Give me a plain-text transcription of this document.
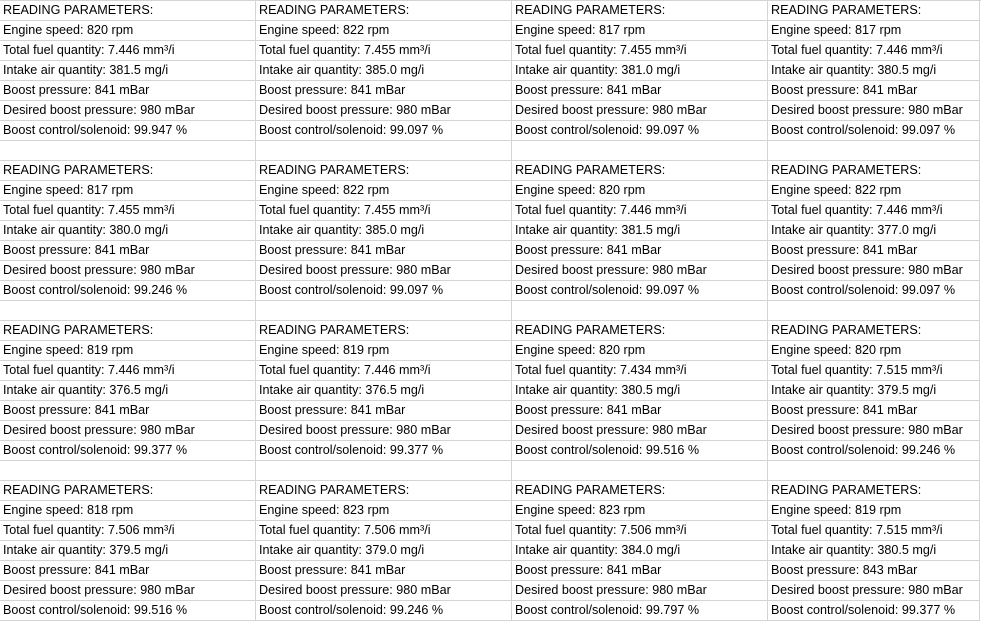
READING PARAMETERS:	READING PARAMETERS:	READING PARAMETERS:	READING PARAMETERS:
Engine speed: 820 rpm	Engine speed: 822 rpm	Engine speed: 817 rpm	Engine speed: 817 rpm
Total fuel quantity: 7.446 mm³/i	Total fuel quantity: 7.455 mm³/i	Total fuel quantity: 7.455 mm³/i	Total fuel quantity: 7.446 mm³/i
Intake air quantity: 381.5 mg/i	Intake air quantity: 385.0 mg/i	Intake air quantity: 381.0 mg/i	Intake air quantity: 380.5 mg/i
Boost pressure: 841 mBar	Boost pressure: 841 mBar	Boost pressure: 841 mBar	Boost pressure: 841 mBar
Desired boost pressure: 980 mBar	Desired boost pressure: 980 mBar	Desired boost pressure: 980 mBar	Desired boost pressure: 980 mBar
Boost control/solenoid: 99.947 %	Boost control/solenoid: 99.097 %	Boost control/solenoid: 99.097 %	Boost control/solenoid: 99.097 %
READING PARAMETERS:	READING PARAMETERS:	READING PARAMETERS:	READING PARAMETERS:
Engine speed: 817 rpm	Engine speed: 822 rpm	Engine speed: 820 rpm	Engine speed: 822 rpm
Total fuel quantity: 7.455 mm³/i	Total fuel quantity: 7.455 mm³/i	Total fuel quantity: 7.446 mm³/i	Total fuel quantity: 7.446 mm³/i
Intake air quantity: 380.0 mg/i	Intake air quantity: 385.0 mg/i	Intake air quantity: 381.5 mg/i	Intake air quantity: 377.0 mg/i
Boost pressure: 841 mBar	Boost pressure: 841 mBar	Boost pressure: 841 mBar	Boost pressure: 841 mBar
Desired boost pressure: 980 mBar	Desired boost pressure: 980 mBar	Desired boost pressure: 980 mBar	Desired boost pressure: 980 mBar
Boost control/solenoid: 99.246 %	Boost control/solenoid: 99.097 %	Boost control/solenoid: 99.097 %	Boost control/solenoid: 99.097 %
READING PARAMETERS:	READING PARAMETERS:	READING PARAMETERS:	READING PARAMETERS:
Engine speed: 819 rpm	Engine speed: 819 rpm	Engine speed: 820 rpm	Engine speed: 820 rpm
Total fuel quantity: 7.446 mm³/i	Total fuel quantity: 7.446 mm³/i	Total fuel quantity: 7.434 mm³/i	Total fuel quantity: 7.515 mm³/i
Intake air quantity: 376.5 mg/i	Intake air quantity: 376.5 mg/i	Intake air quantity: 380.5 mg/i	Intake air quantity: 379.5 mg/i
Boost pressure: 841 mBar	Boost pressure: 841 mBar	Boost pressure: 841 mBar	Boost pressure: 841 mBar
Desired boost pressure: 980 mBar	Desired boost pressure: 980 mBar	Desired boost pressure: 980 mBar	Desired boost pressure: 980 mBar
Boost control/solenoid: 99.377 %	Boost control/solenoid: 99.377 %	Boost control/solenoid: 99.516 %	Boost control/solenoid: 99.246 %
READING PARAMETERS:	READING PARAMETERS:	READING PARAMETERS:	READING PARAMETERS:
Engine speed: 818 rpm	Engine speed: 823 rpm	Engine speed: 823 rpm	Engine speed: 819 rpm
Total fuel quantity: 7.506 mm³/i	Total fuel quantity: 7.506 mm³/i	Total fuel quantity: 7.506 mm³/i	Total fuel quantity: 7.515 mm³/i
Intake air quantity: 379.5 mg/i	Intake air quantity: 379.0 mg/i	Intake air quantity: 384.0 mg/i	Intake air quantity: 380.5 mg/i
Boost pressure: 841 mBar	Boost pressure: 841 mBar	Boost pressure: 841 mBar	Boost pressure: 843 mBar
Desired boost pressure: 980 mBar	Desired boost pressure: 980 mBar	Desired boost pressure: 980 mBar	Desired boost pressure: 980 mBar
Boost control/solenoid: 99.516 %	Boost control/solenoid: 99.246 %	Boost control/solenoid: 99.797 %	Boost control/solenoid: 99.377 %
